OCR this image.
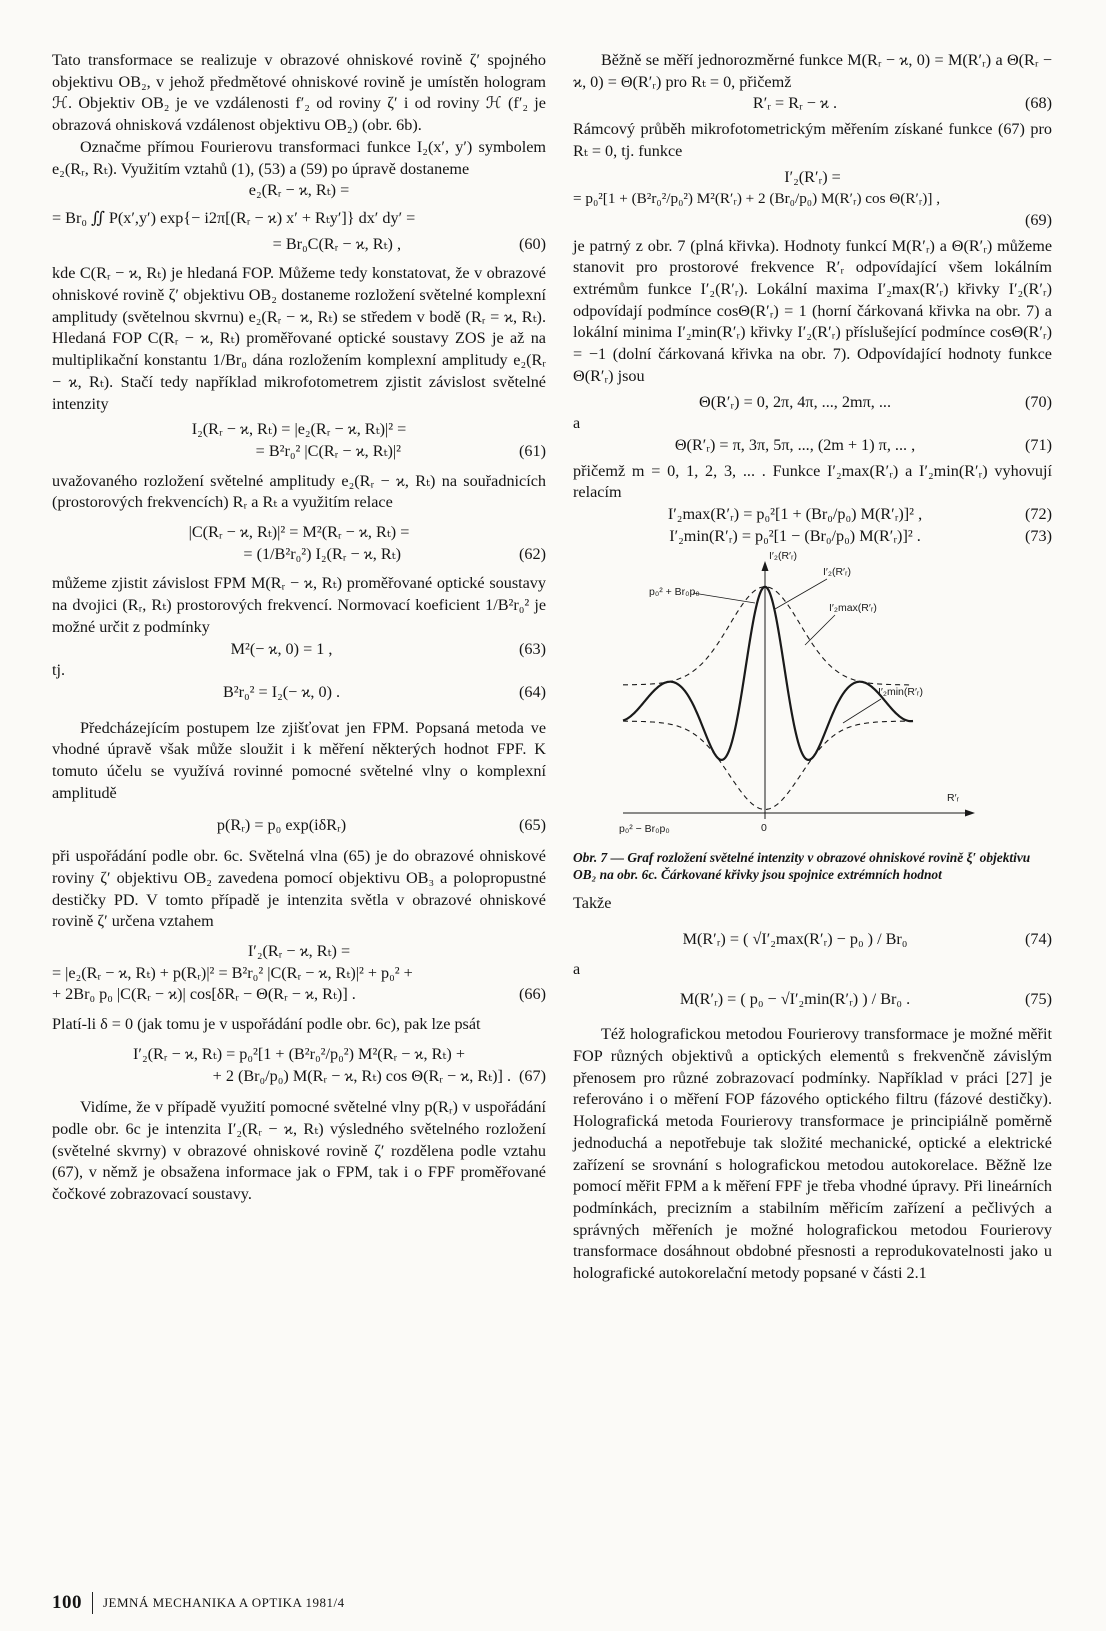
Tato transformace se realizuje v obrazové ohniskové rovině ζ′ spojného objektivu OB₂, v jehož předmětové ohniskové rovině je umístěn hologram ℋ. Objektiv OB₂ je ve vzdálenosti f′₂ od roviny ζ′ i od roviny ℋ (f′₂ je obrazová ohnisková vzdálenost objektivu OB₂) (obr. 6b).

Označme přímou Fourierovu transformaci funkce I₂(x′, y′) symbolem e₂(Rᵣ, Rₜ). Využitím vztahů (1), (53) a (59) po úpravě dostaneme

e₂(Rᵣ − ϰ, Rₜ) =
= Br₀ ∬ P(x′,y′) exp{− i2π[(Rᵣ − ϰ) x′ + Rₜy′]} dx′ dy′ =
= Br₀C(Rᵣ − ϰ, Rₜ) ,	(60)

kde C(Rᵣ − ϰ, Rₜ) je hledaná FOP. Můžeme tedy konstatovat, že v obrazové ohniskové rovině ζ′ objektivu OB₂ dostaneme rozložení světelné komplexní amplitudy (světelnou skvrnu) e₂(Rᵣ − ϰ, Rₜ) se středem v bodě (Rᵣ = ϰ, Rₜ). Hledaná FOP C(Rᵣ − ϰ, Rₜ) proměřované optické soustavy ZOS je až na multiplikační konstantu 1/Br₀ dána rozložením komplexní amplitudy e₂(Rᵣ − ϰ, Rₜ). Stačí tedy například mikrofotometrem zjistit závislost světelné intenzity

I₂(Rᵣ − ϰ, Rₜ) = |e₂(Rᵣ − ϰ, Rₜ)|² =
= B²r₀² |C(Rᵣ − ϰ, Rₜ)|²	(61)

uvažovaného rozložení světelné amplitudy e₂(Rᵣ − ϰ, Rₜ) na souřadnicích (prostorových frekvencích) Rᵣ a Rₜ a využitím relace

|C(Rᵣ − ϰ, Rₜ)|² = M²(Rᵣ − ϰ, Rₜ) =
= (1/B²r₀²) I₂(Rᵣ − ϰ, Rₜ)	(62)

můžeme zjistit závislost FPM M(Rᵣ − ϰ, Rₜ) proměřované optické soustavy na dvojici (Rᵣ, Rₜ) prostorových frekvencí. Normovací koeficient 1/B²r₀² je možné určit z podmínky

M²(− ϰ, 0) = 1 ,	(63)
tj.
B²r₀² = I₂(− ϰ, 0) .	(64)

Předcházejícím postupem lze zjišťovat jen FPM. Popsaná metoda ve vhodné úpravě však může sloužit i k měření některých hodnot FPF. K tomuto účelu se využívá rovinné pomocné světelné vlny o komplexní amplitudě

p(Rᵣ) = p₀ exp(iδRᵣ)	(65)

při uspořádání podle obr. 6c. Světelná vlna (65) je do obrazové ohniskové roviny ζ′ objektivu OB₂ zavedena pomocí objektivu OB₃ a polopropustné destičky PD. V tomto případě je intenzita světla v obrazové ohniskové rovině ζ′ určena vztahem

I′₂(Rᵣ − ϰ, Rₜ) =
= |e₂(Rᵣ − ϰ, Rₜ) + p(Rᵣ)|² = B²r₀² |C(Rᵣ − ϰ, Rₜ)|² + p₀² +
+ 2Br₀ p₀ |C(Rᵣ − ϰ)| cos[δRᵣ − Θ(Rᵣ − ϰ, Rₜ)] .	(66)

Platí-li δ = 0 (jak tomu je v uspořádání podle obr. 6c), pak lze psát

I′₂(Rᵣ − ϰ, Rₜ) = p₀²[1 + (B²r₀²/p₀²) M²(Rᵣ − ϰ, Rₜ) +
+ 2 (Br₀/p₀) M(Rᵣ − ϰ, Rₜ) cos Θ(Rᵣ − ϰ, Rₜ)] . (67)

Vidíme, že v případě využití pomocné světelné vlny p(Rᵣ) v uspořádání podle obr. 6c je intenzita I′₂(Rᵣ − ϰ, Rₜ) výsledného světelného rozložení (světelné skvrny) v obrazové ohniskové rovině ζ′ rozdělena podle vztahu (67), v němž je obsažena informace jak o FPM, tak i o FPF proměřované čočkové zobrazovací soustavy.

Běžně se měří jednorozměrné funkce M(Rᵣ − ϰ, 0) = M(R′ᵣ) a Θ(Rᵣ − ϰ, 0) = Θ(R′ᵣ) pro Rₜ = 0, přičemž

R′ᵣ = Rᵣ − ϰ .	(68)

Rámcový průběh mikrofotometrickým měřením získané funkce (67) pro Rₜ = 0, tj. funkce

I′₂(R′ᵣ) =
= p₀²[1 + (B²r₀²/p₀²) M²(R′ᵣ) + 2 (Br₀/p₀) M(R′ᵣ) cos Θ(R′ᵣ)] ,
(69)

je patrný z obr. 7 (plná křivka). Hodnoty funkcí M(R′ᵣ) a Θ(R′ᵣ) můžeme stanovit pro prostorové frekvence R′ᵣ odpovídající všem lokálním extrémům funkce I′₂(R′ᵣ). Lokální maxima I′₂max(R′ᵣ) křivky I′₂(R′ᵣ) odpovídají podmínce cosΘ(R′ᵣ) = 1 (horní čárkovaná křivka na obr. 7) a lokální minima I′₂min(R′ᵣ) křivky I′₂(R′ᵣ) příslušející podmínce cosΘ(R′ᵣ) = −1 (dolní čárkovaná křivka na obr. 7). Odpovídající hodnoty funkce Θ(R′ᵣ) jsou

Θ(R′ᵣ) = 0, 2π, 4π, ..., 2mπ, ...	(70)
a
Θ(R′ᵣ) = π, 3π, 5π, ..., (2m + 1) π, ... ,	(71)

přičemž m = 0, 1, 2, 3, ... . Funkce I′₂max(R′ᵣ) a I′₂min(R′ᵣ) vyhovují relacím

I′₂max(R′ᵣ) = p₀²[1 + (Br₀/p₀) M(R′ᵣ)]² ,	(72)
I′₂min(R′ᵣ) = p₀²[1 − (Br₀/p₀) M(R′ᵣ)]² .	(73)
I′₂(R′ᵣ)
R′ᵣ
0
p₀² + Br₀p₀
p₀² − Br₀p₀
I′₂(R′ᵣ)
I′₂max(R′ᵣ)
I′₂min(R′ᵣ)
Obr. 7 — Graf rozložení světelné intenzity v obrazové ohniskové rovině ξ′ objektivu OB₂ na obr. 6c. Čárkované křivky jsou spojnice extrémních hodnot
Takže
M(R′ᵣ) = ( √I′₂max(R′ᵣ) − p₀ ) / Br₀	(74)
a
M(R′ᵣ) = ( p₀ − √I′₂min(R′ᵣ) ) / Br₀ .	(75)

Též holografickou metodou Fourierovy transformace je možné měřit FOP různých objektivů a optických elementů s frekvenčně závislým přenosem pro různé zobrazovací podmínky. Například v práci [27] je referováno i o měření FOP fázového optického filtru (fázové destičky). Holografická metoda Fourierovy transformace je principiálně poměrně jednoduchá a nepotřebuje tak složité mechanické, optické a elektrické zařízení se srovnání s holografickou metodou autokorelace. Běžně lze pomocí měřit FPM a k měření FPF je třeba vhodné úpravy. Při lineárních podmínkách, precizním a stabilním měřicím zařízení a pečlivých a správných měřeních je možné holografickou metodou Fourierovy transformace dosáhnout obdobné přesnosti a reprodukovatelnosti jako u holografické autokorelační metody popsané v části 2.1

100 JEMNÁ MECHANIKA A OPTIKA 1981/4
